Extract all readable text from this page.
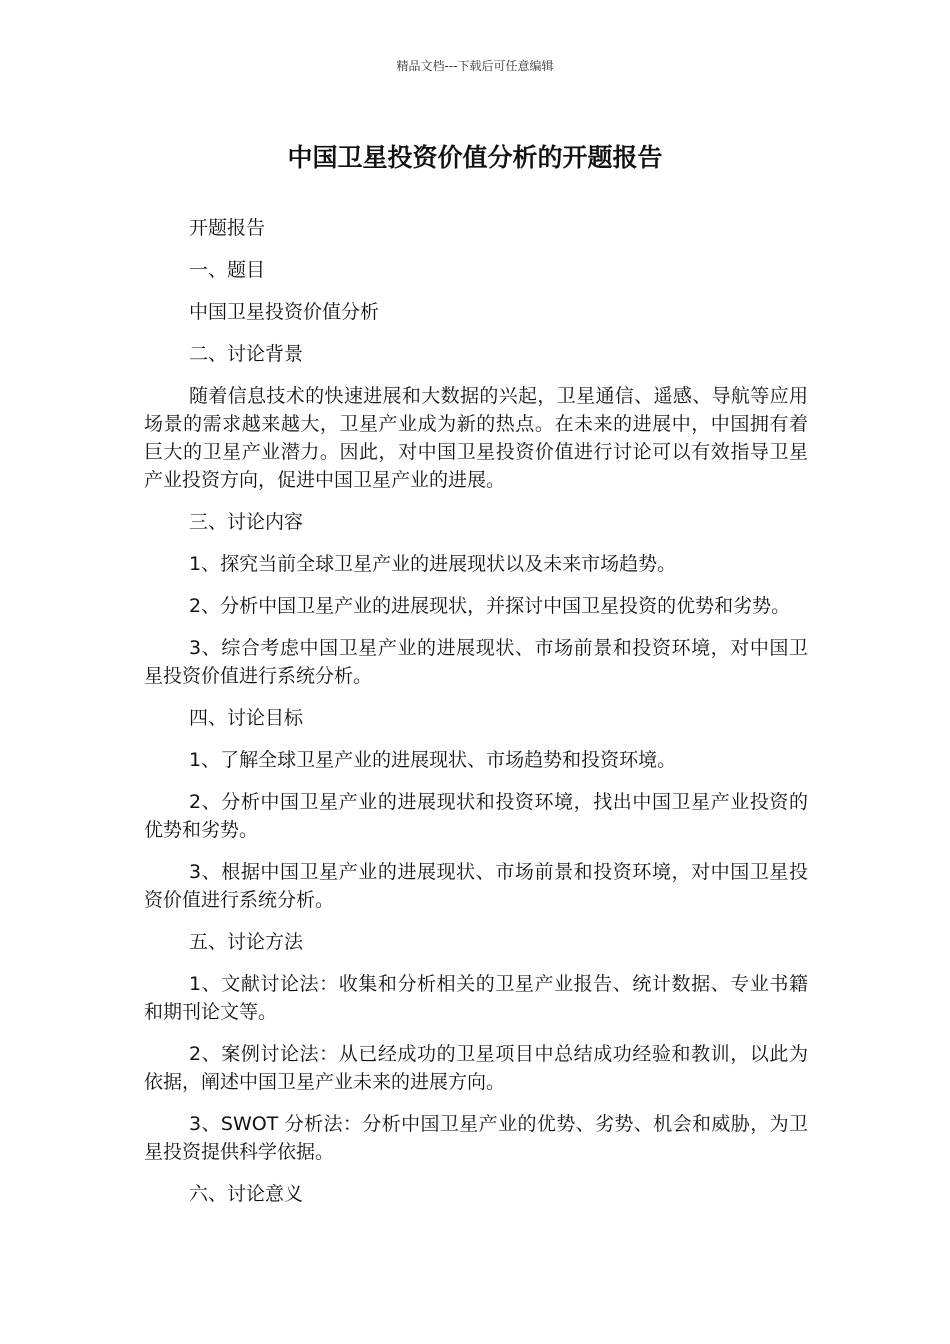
精品文档---下载后可任意编辑
中国卫星投资价值分析的开题报告

开题报告

一、题目

中国卫星投资价值分析

二、讨论背景

随着信息技术的快速进展和大数据的兴起，卫星通信、遥感、导航等应用场景的需求越来越大，卫星产业成为新的热点。在未来的进展中，中国拥有着巨大的卫星产业潜力。因此，对中国卫星投资价值进行讨论可以有效指导卫星产业投资方向，促进中国卫星产业的进展。

三、讨论内容

1、探究当前全球卫星产业的进展现状以及未来市场趋势。

2、分析中国卫星产业的进展现状，并探讨中国卫星投资的优势和劣势。

3、综合考虑中国卫星产业的进展现状、市场前景和投资环境，对中国卫星投资价值进行系统分析。

四、讨论目标

1、了解全球卫星产业的进展现状、市场趋势和投资环境。

2、分析中国卫星产业的进展现状和投资环境，找出中国卫星产业投资的优势和劣势。

3、根据中国卫星产业的进展现状、市场前景和投资环境，对中国卫星投资价值进行系统分析。

五、讨论方法

1、文献讨论法：收集和分析相关的卫星产业报告、统计数据、专业书籍和期刊论文等。

2、案例讨论法：从已经成功的卫星项目中总结成功经验和教训，以此为依据，阐述中国卫星产业未来的进展方向。

3、SWOT 分析法：分析中国卫星产业的优势、劣势、机会和威胁，为卫星投资提供科学依据。

六、讨论意义
